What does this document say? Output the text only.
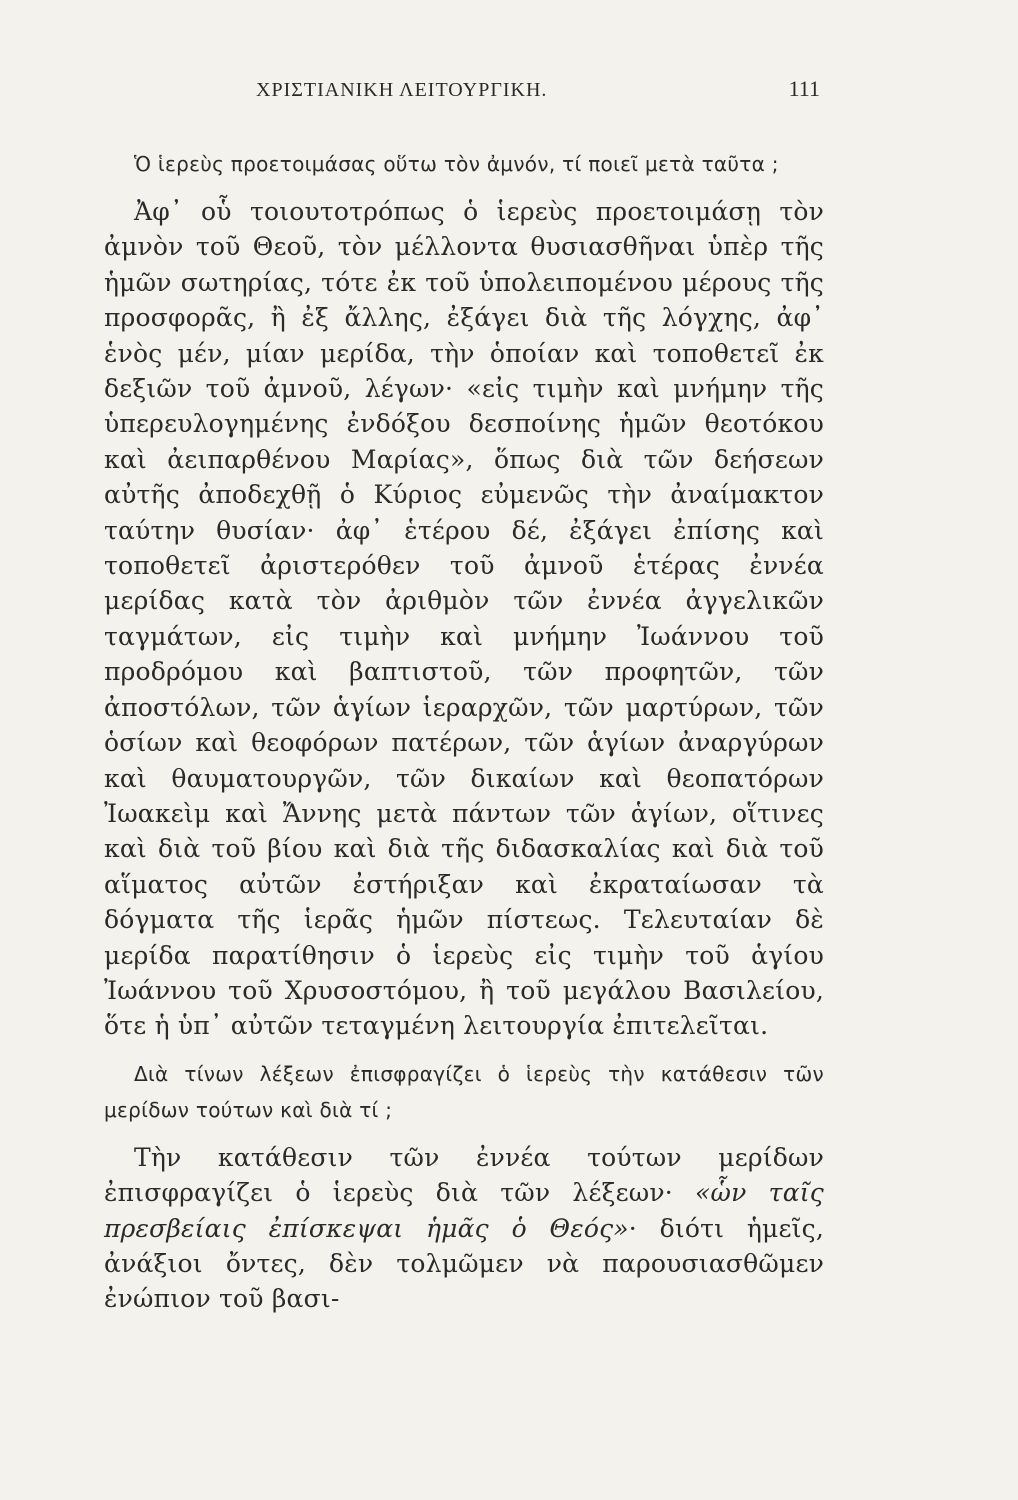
ΧΡΙΣΤΙΑΝΙΚΗ ΛΕΙΤΟΥΡΓΙΚΗ.	111

Ὁ ἱερεὺς προετοιμάσας οὕτω τὸν ἀμνόν, τί ποιεῖ μετὰ ταῦτα ;

Ἀφ᾽ οὗ τοιουτοτρόπως ὁ ἱερεὺς προετοιμάσῃ τὸν ἀμνὸν τοῦ Θεοῦ, τὸν μέλλοντα θυσιασθῆναι ὑπὲρ τῆς ἡμῶν σωτηρίας, τότε ἐκ τοῦ ὑπολειπομένου μέρους τῆς προσφορᾶς, ἢ ἐξ ἄλλης, ἐξάγει διὰ τῆς λόγχης, ἀφ᾽ ἑνὸς μέν, μίαν μερίδα, τὴν ὁποίαν καὶ τοποθετεῖ ἐκ δεξιῶν τοῦ ἀμνοῦ, λέγων· «εἰς τιμὴν καὶ μνήμην τῆς ὑπερευλογημένης ἐνδόξου δεσποίνης ἡμῶν θεοτόκου καὶ ἀειπαρθένου Μαρίας», ὅπως διὰ τῶν δεήσεων αὐτῆς ἀποδεχθῇ ὁ Κύριος εὐμενῶς τὴν ἀναίμακτον ταύτην θυσίαν· ἀφ᾽ ἑτέρου δέ, ἐξάγει ἐπίσης καὶ τοποθετεῖ ἀριστερόθεν τοῦ ἀμνοῦ ἑτέρας ἐννέα μερίδας κατὰ τὸν ἀριθμὸν τῶν ἐννέα ἀγγελικῶν ταγμάτων, εἰς τιμὴν καὶ μνήμην Ἰωάννου τοῦ προδρόμου καὶ βαπτιστοῦ, τῶν προφητῶν, τῶν ἀποστόλων, τῶν ἁγίων ἱεραρχῶν, τῶν μαρτύρων, τῶν ὁσίων καὶ θεοφόρων πατέρων, τῶν ἁγίων ἀναργύρων καὶ θαυματουργῶν, τῶν δικαίων καὶ θεοπατόρων Ἰωακεὶμ καὶ Ἄννης μετὰ πάντων τῶν ἁγίων, οἵτινες καὶ διὰ τοῦ βίου καὶ διὰ τῆς διδασκαλίας καὶ διὰ τοῦ αἵματος αὐτῶν ἐστήριξαν καὶ ἐκραταίωσαν τὰ δόγματα τῆς ἱερᾶς ἡμῶν πίστεως. Τελευταίαν δὲ μερίδα παρατίθησιν ὁ ἱερεὺς εἰς τιμὴν τοῦ ἁγίου Ἰωάννου τοῦ Χρυσοστόμου, ἢ τοῦ μεγάλου Βασιλείου, ὅτε ἡ ὑπ᾽ αὐτῶν τεταγμένη λειτουργία ἐπιτελεῖται.

Διὰ τίνων λέξεων ἐπισφραγίζει ὁ ἱερεὺς τὴν κατάθεσιν τῶν μερίδων τούτων καὶ διὰ τί ;

Τὴν κατάθεσιν τῶν ἐννέα τούτων μερίδων ἐπισφραγίζει ὁ ἱερεὺς διὰ τῶν λέξεων· «ὧν ταῖς πρεσβείαις ἐπίσκεψαι ἡμᾶς ὁ Θεός»· διότι ἡμεῖς, ἀνάξιοι ὄντες, δὲν τολμῶμεν νὰ παρουσιασθῶμεν ἐνώπιον τοῦ βασι-
